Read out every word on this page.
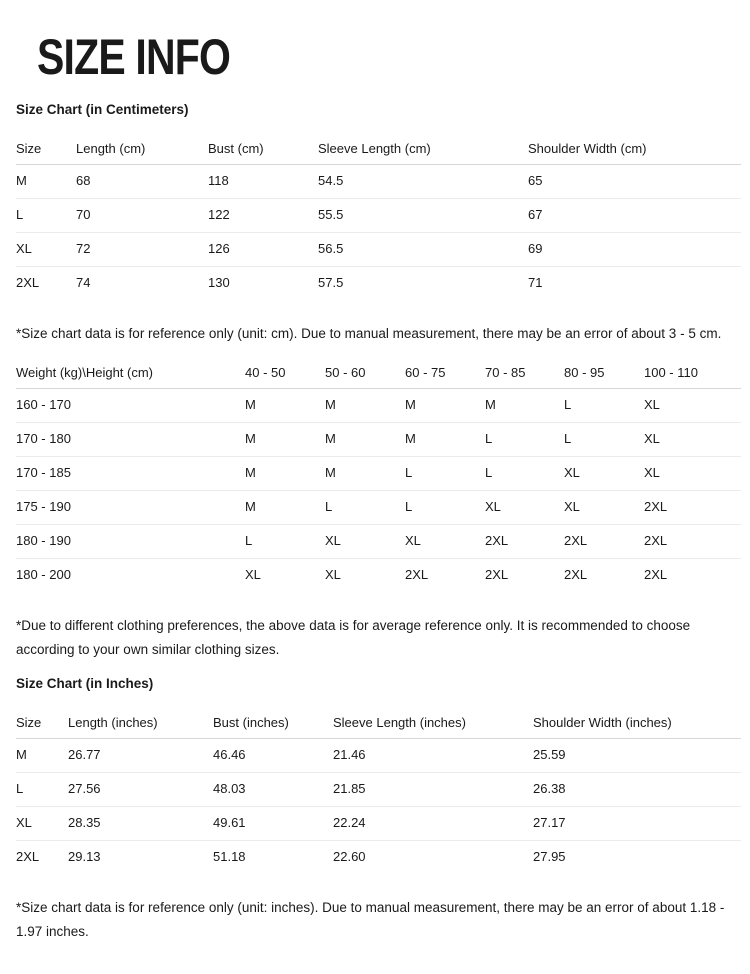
SIZE INFO
Size Chart (in Centimeters)
Size	Length (cm)	Bust (cm)	Sleeve Length (cm)	Shoulder Width (cm)
M	68	118	54.5	65
L	70	122	55.5	67
XL	72	126	56.5	69
2XL	74	130	57.5	71

*Size chart data is for reference only (unit: cm). Due to manual measurement, there may be an error of about 3 - 5 cm.

Weight (kg)\Height (cm)	40 - 50	50 - 60	60 - 75	70 - 85	80 - 95	100 - 110
160 - 170	M	M	M	M	L	XL
170 - 180	M	M	M	L	L	XL
170 - 185	M	M	L	L	XL	XL
175 - 190	M	L	L	XL	XL	2XL
180 - 190	L	XL	XL	2XL	2XL	2XL
180 - 200	XL	XL	2XL	2XL	2XL	2XL

*Due to different clothing preferences, the above data is for average reference only. It is recommended to choose according to your own similar clothing sizes.

Size Chart (in Inches)
Size	Length (inches)	Bust (inches)	Sleeve Length (inches)	Shoulder Width (inches)
M	26.77	46.46	21.46	25.59
L	27.56	48.03	21.85	26.38
XL	28.35	49.61	22.24	27.17
2XL	29.13	51.18	22.60	27.95

*Size chart data is for reference only (unit: inches). Due to manual measurement, there may be an error of about 1.18 - 1.97 inches.
